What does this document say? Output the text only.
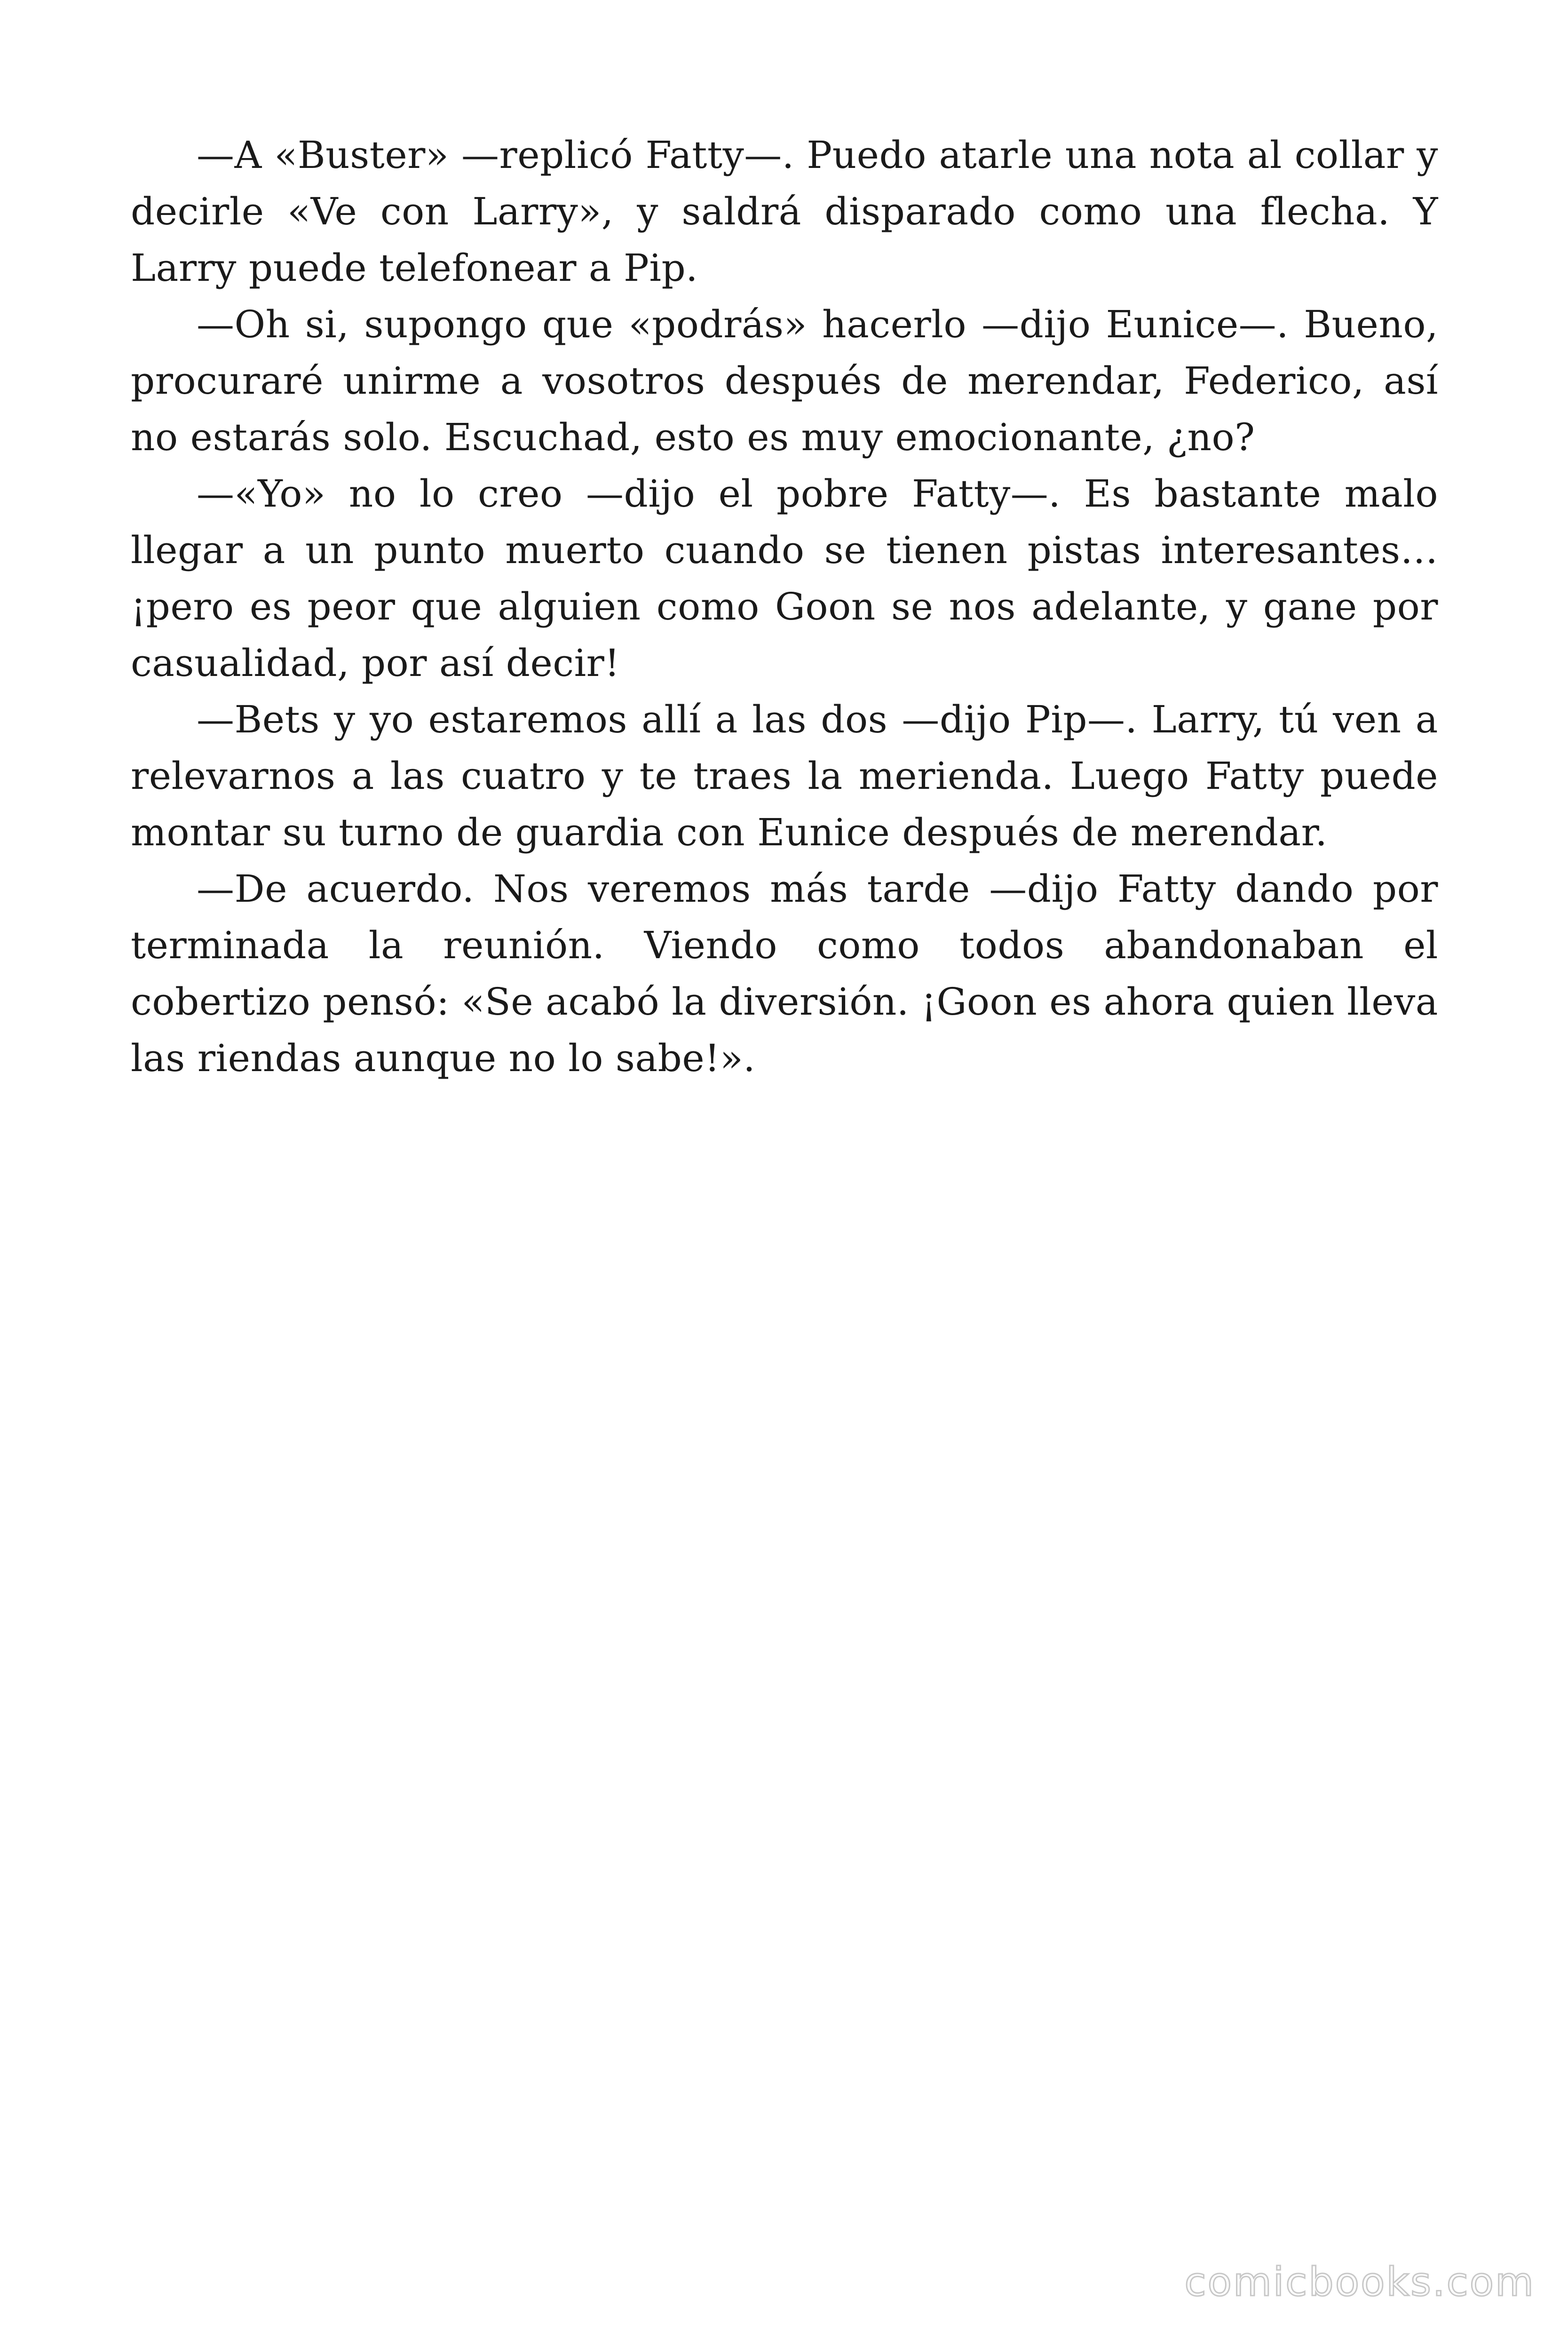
—A «Buster» —replicó Fatty—. Puedo atarle una nota al collar y decirle «Ve con Larry», y saldrá disparado como una flecha. Y Larry puede telefonear a Pip.

—Oh si, supongo que «podrás» hacerlo —dijo Eunice—. Bueno, procuraré unirme a vosotros después de merendar, Federico, así no estarás solo. Escuchad, esto es muy emocionante, ¿no?

—«Yo» no lo creo —dijo el pobre Fatty—. Es bastante malo llegar a un punto muerto cuando se tienen pistas interesantes… ¡pero es peor que alguien como Goon se nos adelante, y gane por casualidad, por así decir!

—Bets y yo estaremos allí a las dos —dijo Pip—. Larry, tú ven a relevarnos a las cuatro y te traes la merienda. Luego Fatty puede montar su turno de guardia con Eunice después de merendar.

—De acuerdo. Nos veremos más tarde —dijo Fatty dando por terminada la reunión. Viendo como todos abandonaban el cobertizo pensó: «Se acabó la diversión. ¡Goon es ahora quien lleva las riendas aunque no lo sabe!».

comicbooks.com
